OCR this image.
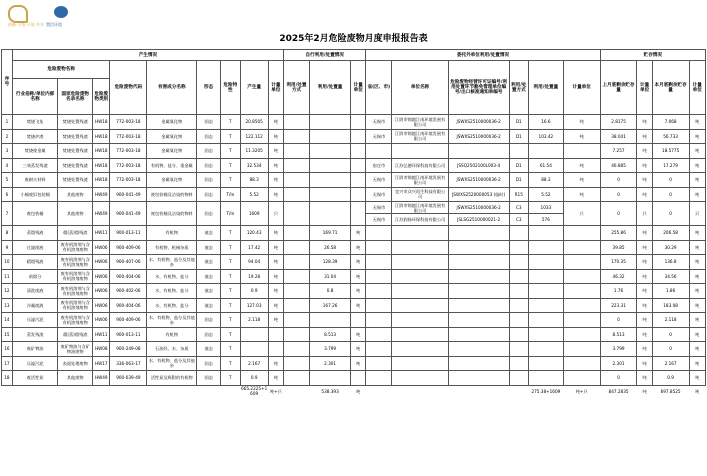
创新·引领·开放·共享 置信环境
2025年2月危险废物月度申报报告表
序号	产生情况									自行利用/处置情况			委托外单位利用/处置情况						贮存情况			
	危险废物名称			危险废物代码	有害成分名称	形态	危险特性	产生量	计量单位	利用/处置方式	利用/处置量	计量单位	省(区、市)	单位名称	危险废物经营许可证编号/利用处置环节豁免管理单位编号/出口核准通知单编号	利用/处置方式	利用/处置量	计量单位	上月底剩余贮存量	计量单位	本月底剩余贮存量	计量单位
	行业俗称/单位内部名称	国家危险废物名录名称	危险废物类别																			
1	焚烧飞灰	焚烧处置残渣	HW18	772-003-18	金属氧化物	固态	T	20.8505	吨				无锡市	江阴市锦越江南环境发展有限公司	JSWXS2510000036-2	D1	16.6	吨	2.8175	吨	7.068	吨
2	焚烧炉渣	焚烧处置残渣	HW18	772-003-18	金属氧化物	固态	T	122.112	吨				无锡市	江阴市锦越江南环境发展有限公司	JSWXS2510000036-2	D1	103.42	吨	38.041	吨	56.733	吨
3	焚烧废金属	焚烧处置残渣	HW18	772-003-18	金属氧化物	固态	T	11.3205	吨										7.257	吨	18.5775	吨
4	三效蒸发残渣	焚烧处置残渣	HW18	772-003-18	有机物、盐分、重金属	固态	T	32.534	吨				宿迁市	江苏弘德环保科技有限公司	JSSQ2502100L003-4	D1	61.54	吨	46.885	吨	17.279	吨
5	废耐火材料	焚烧处置残渣	HW18	772-003-18	金属氧化物	固态	T	88.3	吨				无锡市	江阴市锦越江南环境发展有限公司	JSWXS2510000036-2	D1	88.3	吨	0	吨	0	吨
6	小桶废旧包装桶	其他废物	HW49	900-041-49	废包装桶及沾染的物料	固态	T/In	5.52	吨				无锡市	宜兴市众兴再生科技有限公司	JSWXS2520000053 (临时)	R15	5.52	吨	0	吨	0	吨
7	废包装桶	其他废物	HW49	900-041-49	废包装桶及沾染的物料	固态	T/In	1609	只				无锡市	江阴市锦越江南环境发展有限公司	JSWXS2510000036-2	C3	1033	只	0	只	0	只
													无锡市	江苏润扬环保科技有限公司	JSLSG2510000021-2	C3	576					
8	蒸馏残液	精(蒸)馏残渣	HW11	900-013-11	有机物	液态	T	120.43	吨		169.71	吨							255.86	吨	206.58	吨
9	过滤废液	废有机溶剂与含有机溶剂废物	HW06	900-409-06	有机物、机械杂质	液态	T	17.42	吨		26.58	吨							39.85	吨	30.29	吨
10	精馏残液	废有机溶剂与含有机溶剂废物	HW06	900-407-06	水、有机物、盐分及其他杂	液态	T	94.04	吨		128.39	吨							170.35	吨	136.8	吨
11	前馏分	废有机溶剂与含有机溶剂废物	HW06	900-404-06	水、有机物、盐分	液态	T	19.28	吨		31.04	吨							46.32	吨	34.56	吨
12	清洗废液	废有机溶剂与含有机溶剂废物	HW06	900-402-06	水、有机物、盐分	液态	T	0.9	吨		0.8	吨							1.76	吨	1.86	吨
13	冷凝废液	废有机溶剂与含有机溶剂废物	HW06	900-404-06	水、有机物、盐分	液态	T	127.03	吨		167.26	吨							223.31	吨	183.08	吨
14	压滤污泥	废有机溶剂与含有机溶剂废物	HW06	900-409-06	水、有机物、盐分及其他杂	固态	T	2.118	吨										0	吨	2.118	吨
15	蒸发残渣	精(蒸)馏残渣	HW11	900-013-11	有机物	固态	T				8.513	吨							8.513	吨	0	吨
16	废矿物油	废矿物油与含矿物油废物	HW08	900-249-08	石油烃、水、杂质	液态	T				3.799	吨							3.799	吨	0	吨
17	压滤污泥	表面处理废物	HW17	336-063-17	水、有机物、盐分及其他杂	固态	T	2.167	吨		2.301	吨							2.301	吨	2.167	吨
18	废活性炭	其他废物	HW49	900-039-49	活性炭及吸附的有机物	固态	T	0.9	吨										0	吨	0.9	吨
								665.2225+1609	吨+只		538.393	吨					275.38+1609	吨+只	847.2835	吨	697.8525	吨
